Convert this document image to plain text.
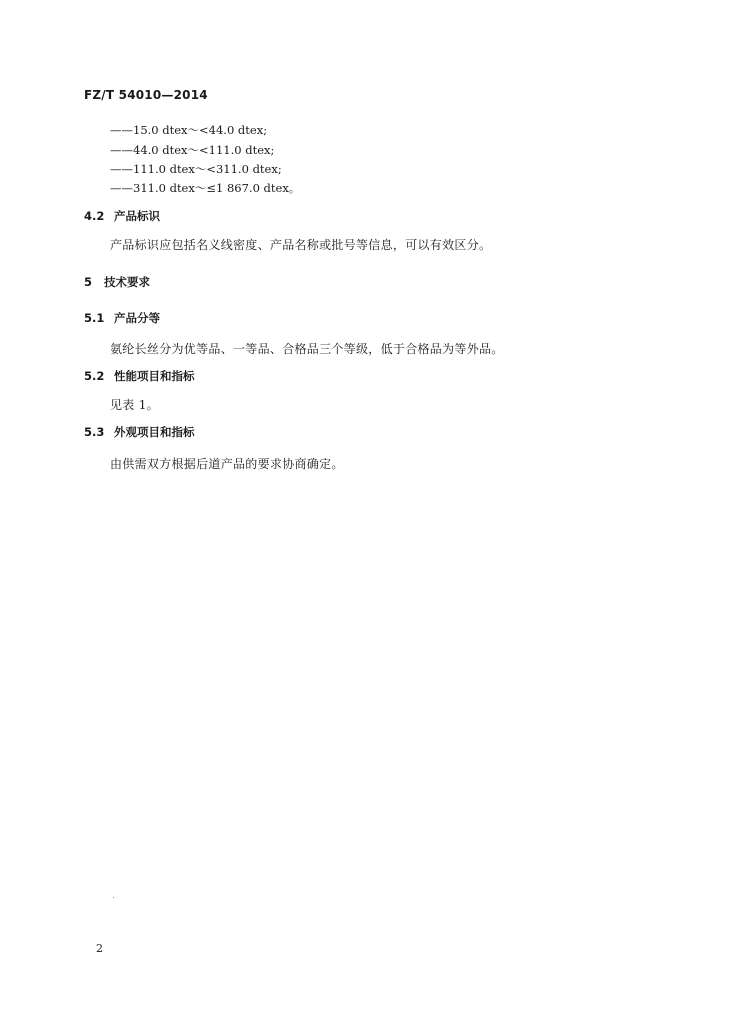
FZ/T 54010—2014
——15.0 dtex～<44.0 dtex;
——44.0 dtex～<111.0 dtex;
——111.0 dtex～<311.0 dtex;
——311.0 dtex～≤1 867.0 dtex。
4.2 产品标识
产品标识应包括名义线密度、产品名称或批号等信息，可以有效区分。
5 技术要求
5.1 产品分等
氨纶长丝分为优等品、一等品、合格品三个等级，低于合格品为等外品。
5.2 性能项目和指标
见表 1。
5.3 外观项目和指标
由供需双方根据后道产品的要求协商确定。
2
